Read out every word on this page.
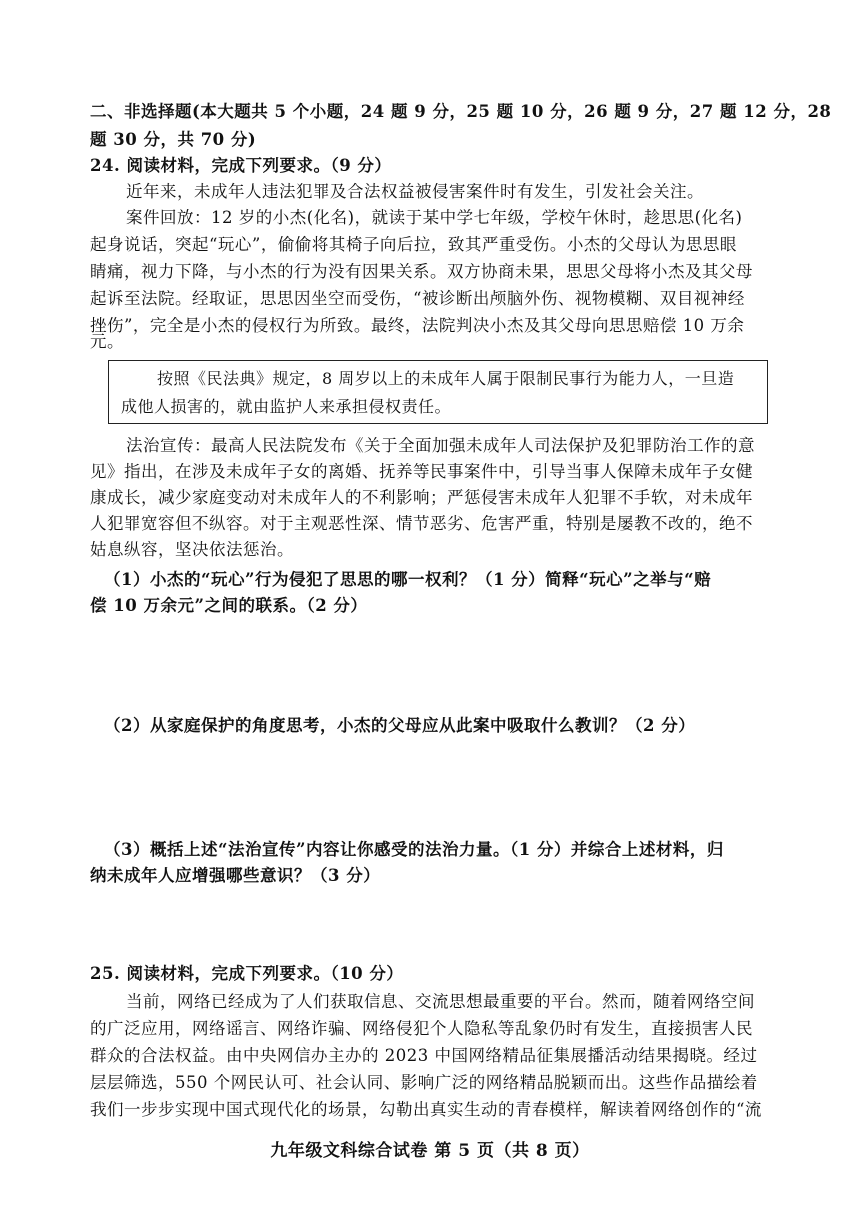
二、非选择题(本大题共 5 个小题，24 题 9 分，25 题 10 分，26 题 9 分，27 题 12 分，28
题 30 分，共 70 分)
24. 阅读材料，完成下列要求。（9 分）
近年来，未成年人违法犯罪及合法权益被侵害案件时有发生，引发社会关注。
案件回放：12 岁的小杰(化名)，就读于某中学七年级，学校午休时，趁思思(化名)
起身说话，突起“玩心”，偷偷将其椅子向后拉，致其严重受伤。小杰的父母认为思思眼
睛痛，视力下降，与小杰的行为没有因果关系。双方协商未果，思思父母将小杰及其父母
起诉至法院。经取证，思思因坐空而受伤，“被诊断出颅脑外伤、视物模糊、双目视神经
挫伤”，完全是小杰的侵权行为所致。最终，法院判决小杰及其父母向思思赔偿 10 万余
元。
按照《民法典》规定，8 周岁以上的未成年人属于限制民事行为能力人，一旦造
成他人损害的，就由监护人来承担侵权责任。
法治宣传：最高人民法院发布《关于全面加强未成年人司法保护及犯罪防治工作的意
见》指出，在涉及未成年子女的离婚、抚养等民事案件中，引导当事人保障未成年子女健
康成长，减少家庭变动对未成年人的不利影响；严惩侵害未成年人犯罪不手软，对未成年
人犯罪宽容但不纵容。对于主观恶性深、情节恶劣、危害严重，特别是屡教不改的，绝不
姑息纵容，坚决依法惩治。
（1）小杰的“玩心”行为侵犯了思思的哪一权利？（1 分）简释“玩心”之举与“赔
偿 10 万余元”之间的联系。（2 分）
（2）从家庭保护的角度思考，小杰的父母应从此案中吸取什么教训？（2 分）
（3）概括上述“法治宣传”内容让你感受的法治力量。（1 分）并综合上述材料，归
纳未成年人应增强哪些意识？（3 分）
25. 阅读材料，完成下列要求。（10 分）
当前，网络已经成为了人们获取信息、交流思想最重要的平台。然而，随着网络空间
的广泛应用，网络谣言、网络诈骗、网络侵犯个人隐私等乱象仍时有发生，直接损害人民
群众的合法权益。由中央网信办主办的 2023 中国网络精品征集展播活动结果揭晓。经过
层层筛选，550 个网民认可、社会认同、影响广泛的网络精品脱颖而出。这些作品描绘着
我们一步步实现中国式现代化的场景，勾勒出真实生动的青春模样，解读着网络创作的“流
九年级文科综合试卷 第 5 页（共 8 页）
